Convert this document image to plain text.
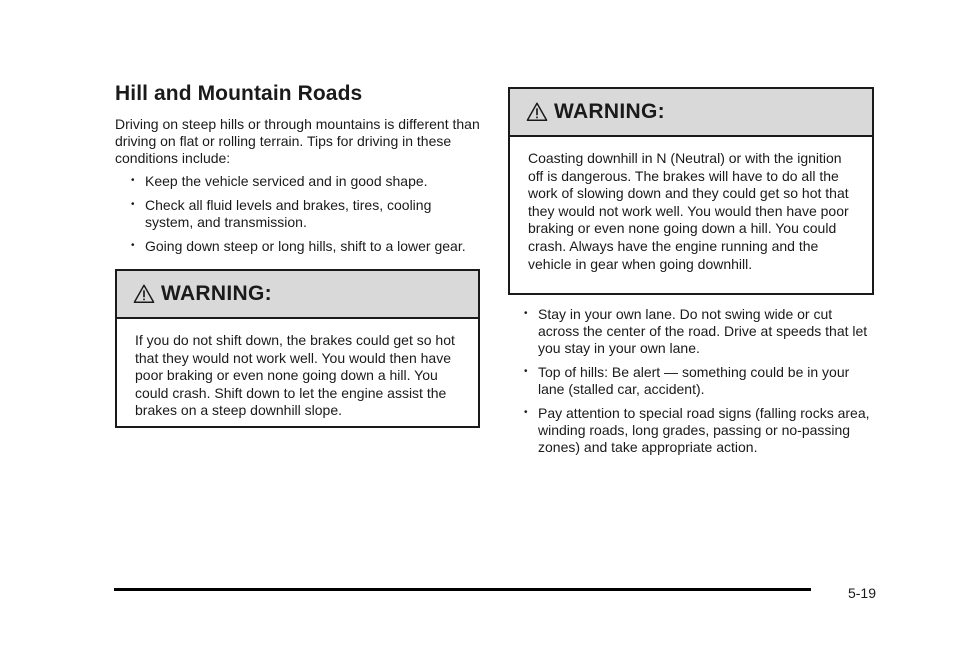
Hill and Mountain Roads

Driving on steep hills or through mountains is different than driving on flat or rolling terrain. Tips for driving in these conditions include:

• Keep the vehicle serviced and in good shape.
• Check all fluid levels and brakes, tires, cooling system, and transmission.
• Going down steep or long hills, shift to a lower gear.
WARNING:
If you do not shift down, the brakes could get so hot that they would not work well. You would then have poor braking or even none going down a hill. You could crash. Shift down to let the engine assist the brakes on a steep downhill slope.
WARNING:
Coasting downhill in N (Neutral) or with the ignition off is dangerous. The brakes will have to do all the work of slowing down and they could get so hot that they would not work well. You would then have poor braking or even none going down a hill. You could crash. Always have the engine running and the vehicle in gear when going downhill.
• Stay in your own lane. Do not swing wide or cut across the center of the road. Drive at speeds that let you stay in your own lane.
• Top of hills: Be alert — something could be in your lane (stalled car, accident).
• Pay attention to special road signs (falling rocks area, winding roads, long grades, passing or no-passing zones) and take appropriate action.
5-19
